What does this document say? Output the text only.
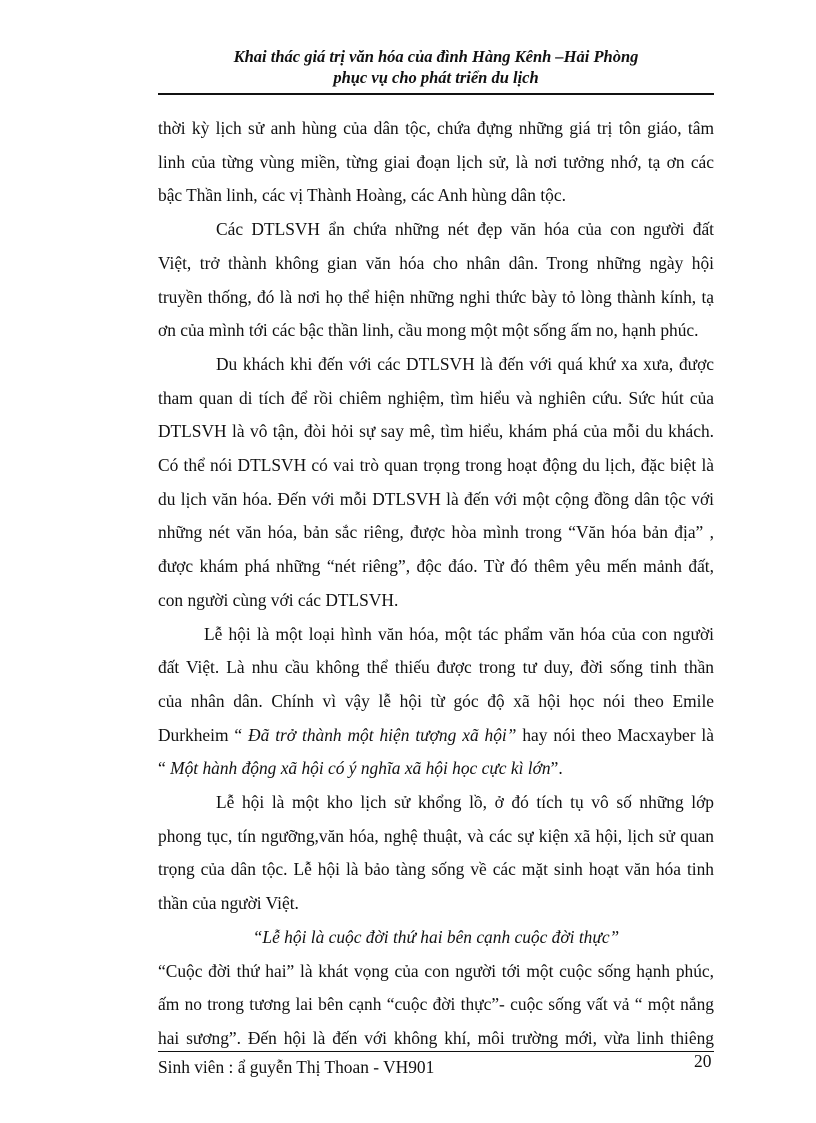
Khai thác giá trị văn hóa của đình Hàng Kênh –Hải Phòng
phục vụ cho phát triển du lịch

thời kỳ lịch sử anh hùng của dân tộc, chứa đựng những giá trị tôn giáo, tâm

linh của từng vùng miền, từng giai đoạn lịch sử, là nơi tưởng nhớ, tạ ơn các

bậc Thần linh, các vị Thành Hoàng, các Anh hùng dân tộc.

Các DTLSVH ẩn chứa những nét đẹp văn hóa của con người đất

Việt, trở thành không gian văn hóa cho nhân dân. Trong những ngày hội

truyền thống, đó là nơi họ thể hiện những nghi thức bày tỏ lòng thành kính, tạ

ơn của mình tới các bậc thần linh, cầu mong một một sống ấm no, hạnh phúc.

Du khách khi đến với các DTLSVH là đến với quá khứ xa xưa, được

tham quan di tích để rồi chiêm nghiệm, tìm hiểu và nghiên cứu. Sức hút của

DTLSVH là vô tận, đòi hỏi sự say mê, tìm hiểu, khám phá của mỗi du khách.

Có thể nói DTLSVH có vai trò quan trọng trong hoạt động du lịch, đặc biệt là

du lịch văn hóa. Đến với mỗi DTLSVH là đến với một cộng đồng dân tộc với

những nét văn hóa, bản sắc riêng, được hòa mình trong “Văn hóa bản địa” ,

được khám phá những “nét riêng”, độc đáo. Từ đó thêm yêu mến mảnh đất,

con người cùng với các DTLSVH.

Lễ hội là một loại hình văn hóa, một tác phẩm văn hóa của con người

đất Việt. Là nhu cầu không thể thiếu được trong tư duy, đời sống tinh thần

của nhân dân. Chính vì vậy lễ hội từ góc độ xã hội học nói theo Emile

Durkheim “ Đã trở thành một hiện tượng xã hội” hay nói theo Macxayber là

“ Một hành động xã hội có ý nghĩa xã hội học cực kì lớn”.

Lễ hội là một kho lịch sử khổng lồ, ở đó tích tụ vô số những lớp

phong tục, tín ngưỡng,văn hóa, nghệ thuật, và các sự kiện xã hội, lịch sử quan

trọng của dân tộc. Lễ hội là bảo tàng sống về các mặt sinh hoạt văn hóa tinh

thần của người Việt.

“Lễ hội là cuộc đời thứ hai bên cạnh cuộc đời thực”

“Cuộc đời thứ hai” là khát vọng của con người tới một cuộc sống hạnh phúc,

ấm no trong tương lai bên cạnh “cuộc đời thực”- cuộc sống vất vả “ một nắng

hai sương”. Đến hội là đến với không khí, môi trường mới, vừa linh thiêng

Sinh viên : ẩ guyễn Thị Thoan - VH901	20
